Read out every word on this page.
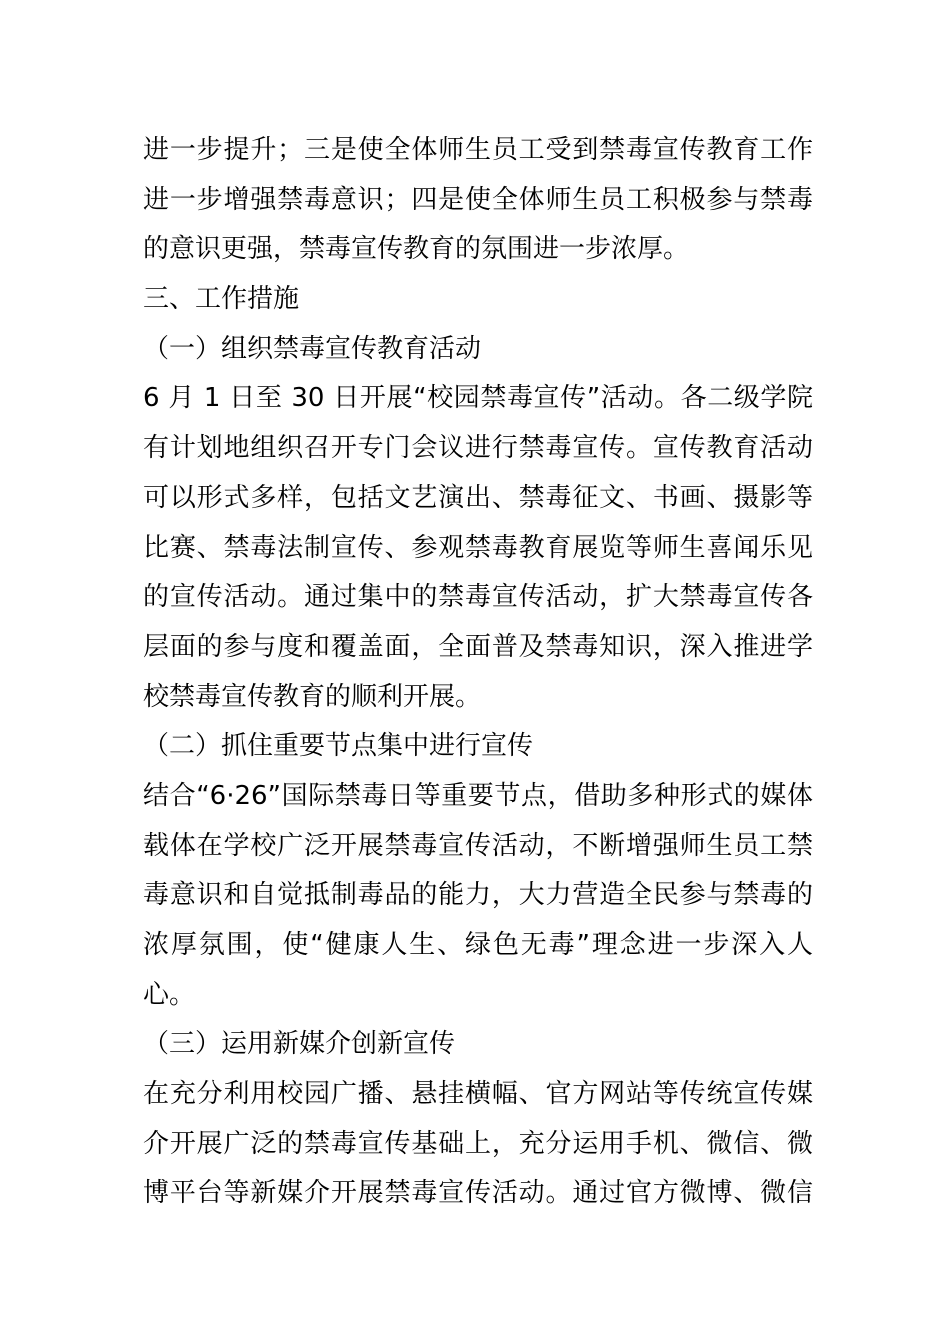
进一步提升；三是使全体师生员工受到禁毒宣传教育工作
进一步增强禁毒意识；四是使全体师生员工积极参与禁毒
的意识更强，禁毒宣传教育的氛围进一步浓厚。
三、工作措施
（一）组织禁毒宣传教育活动
6 月 1 日至 30 日开展“校园禁毒宣传”活动。各二级学院
有计划地组织召开专门会议进行禁毒宣传。宣传教育活动
可以形式多样，包括文艺演出、禁毒征文、书画、摄影等
比赛、禁毒法制宣传、参观禁毒教育展览等师生喜闻乐见
的宣传活动。通过集中的禁毒宣传活动，扩大禁毒宣传各
层面的参与度和覆盖面，全面普及禁毒知识，深入推进学
校禁毒宣传教育的顺利开展。
（二）抓住重要节点集中进行宣传
结合“6·26”国际禁毒日等重要节点，借助多种形式的媒体
载体在学校广泛开展禁毒宣传活动，不断增强师生员工禁
毒意识和自觉抵制毒品的能力，大力营造全民参与禁毒的
浓厚氛围，使“健康人生、绿色无毒”理念进一步深入人
心。
（三）运用新媒介创新宣传
在充分利用校园广播、悬挂横幅、官方网站等传统宣传媒
介开展广泛的禁毒宣传基础上，充分运用手机、微信、微
博平台等新媒介开展禁毒宣传活动。通过官方微博、微信
